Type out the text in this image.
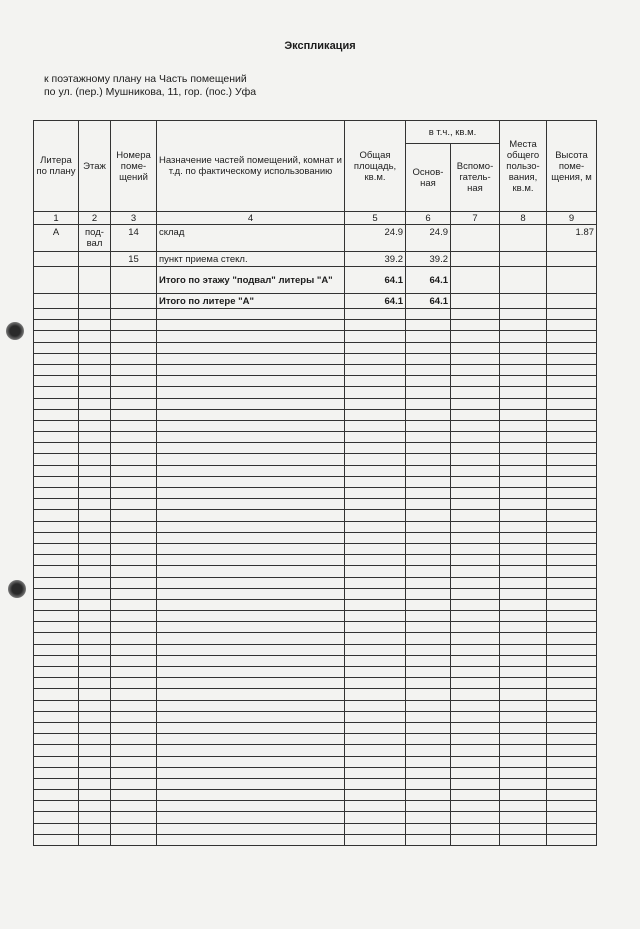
Экспликация
к поэтажному плану на Часть помещений
по ул. (пер.) Мушникова, 11, гор. (пос.) Уфа
Литера по плану	Этаж	Номера поме-щений	Назначение частей помещений, комнат и т.д. по фактическому использованию	Общая площадь, кв.м.	в т.ч., кв.м.		Места общего пользо-вания, кв.м.	Высота поме-щения, м
					Основ-ная	Вспомо-гатель-ная		
1	2	3	4	5	6	7	8	9
А	под-вал	14	склад	24.9	24.9			1.87
		15	пункт приема стекл.	39.2	39.2			
			Итого по этажу "подвал" литеры "А"	64.1	64.1			
			Итого по литере "А"	64.1	64.1			
